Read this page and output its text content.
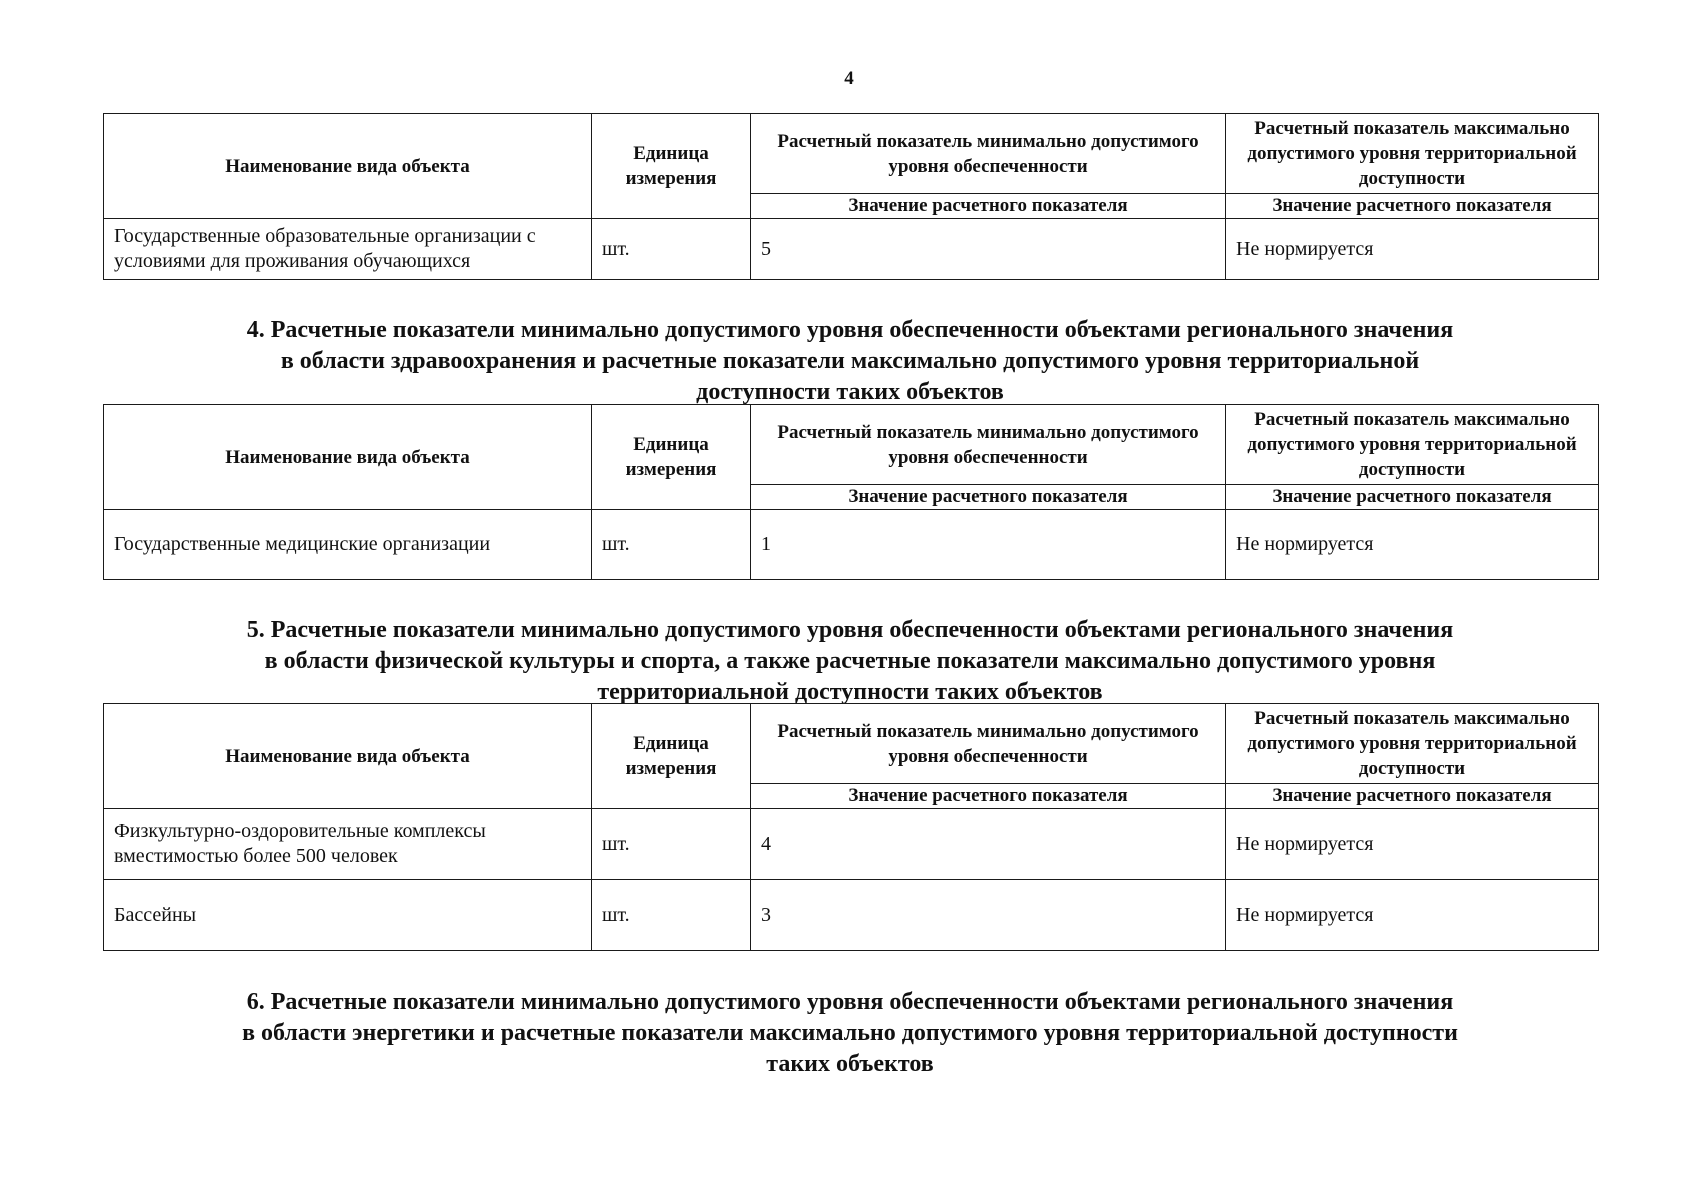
4
Наименование вида объекта	Единица измерения	Расчетный показатель минимально допустимого уровня обеспеченности	Расчетный показатель максимально допустимого уровня территориальной доступности
		Значение расчетного показателя	Значение расчетного показателя
Государственные образовательные организации с условиями для проживания обучающихся	шт.	5	Не нормируется
4. Расчетные показатели минимально допустимого уровня обеспеченности объектами регионального значения
в области здравоохранения и расчетные показатели максимально допустимого уровня территориальной
доступности таких объектов
Наименование вида объекта	Единица измерения	Расчетный показатель минимально допустимого уровня обеспеченности	Расчетный показатель максимально допустимого уровня территориальной доступности
		Значение расчетного показателя	Значение расчетного показателя
Государственные медицинские организации	шт.	1	Не нормируется
5. Расчетные показатели минимально допустимого уровня обеспеченности объектами регионального значения
в области физической культуры и спорта, а также расчетные показатели максимально допустимого уровня
территориальной доступности таких объектов
Наименование вида объекта	Единица измерения	Расчетный показатель минимально допустимого уровня обеспеченности	Расчетный показатель максимально допустимого уровня территориальной доступности
		Значение расчетного показателя	Значение расчетного показателя
Физкультурно-оздоровительные комплексы вместимостью более 500 человек	шт.	4	Не нормируется
Бассейны	шт.	3	Не нормируется
6. Расчетные показатели минимально допустимого уровня обеспеченности объектами регионального значения
в области энергетики и расчетные показатели максимально допустимого уровня территориальной доступности
таких объектов
